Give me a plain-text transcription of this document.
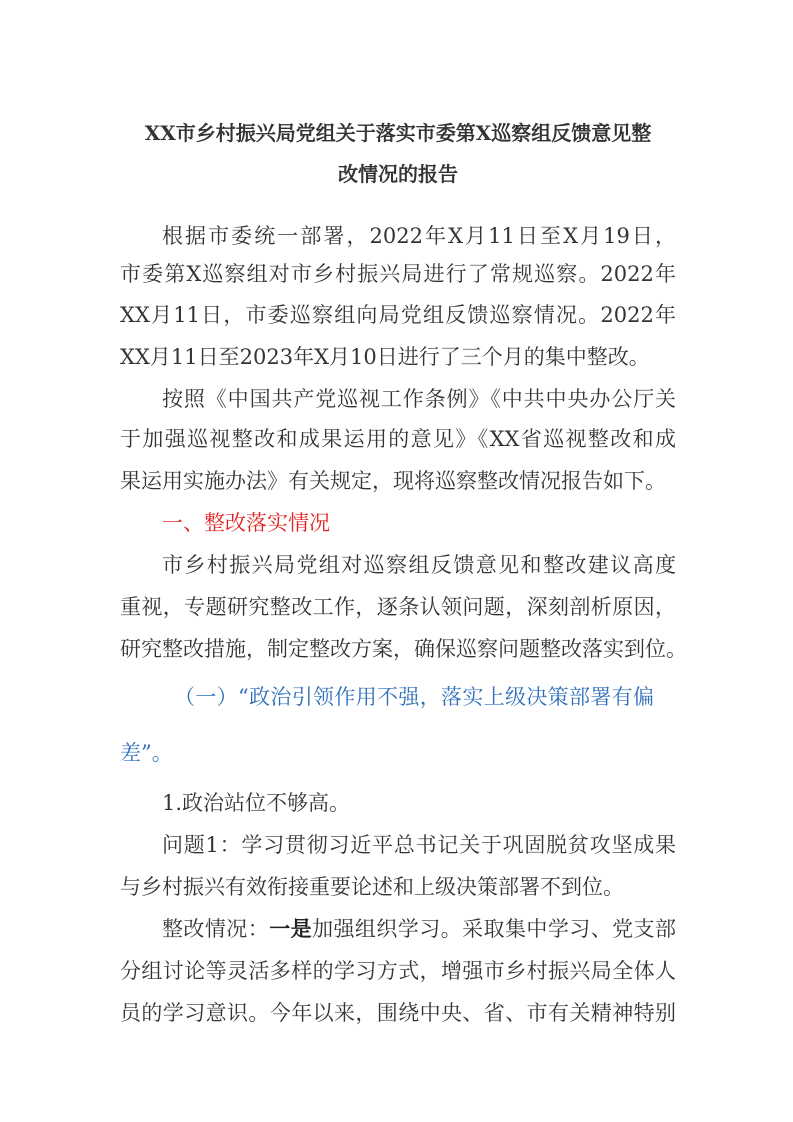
XX市乡村振兴局党组关于落实市委第X巡察组反馈意见整
改情况的报告
根据市委统一部署，2022年X月11日至X月19日，
市委第X巡察组对市乡村振兴局进行了常规巡察。2022年
XX月11日，市委巡察组向局党组反馈巡察情况。2022年
XX月11日至2023年X月10日进行了三个月的集中整改。
按照《中国共产党巡视工作条例》《中共中央办公厅关
于加强巡视整改和成果运用的意见》《XX省巡视整改和成
果运用实施办法》有关规定，现将巡察整改情况报告如下。
一、整改落实情况
市乡村振兴局党组对巡察组反馈意见和整改建议高度
重视，专题研究整改工作，逐条认领问题，深刻剖析原因，
研究整改措施，制定整改方案，确保巡察问题整改落实到位。
（一）“政治引领作用不强，落实上级决策部署有偏
差”。
1.政治站位不够高。
问题1：学习贯彻习近平总书记关于巩固脱贫攻坚成果
与乡村振兴有效衔接重要论述和上级决策部署不到位。
整改情况：一是加强组织学习。采取集中学习、党支部
分组讨论等灵活多样的学习方式，增强市乡村振兴局全体人
员的学习意识。今年以来，围绕中央、省、市有关精神特别
